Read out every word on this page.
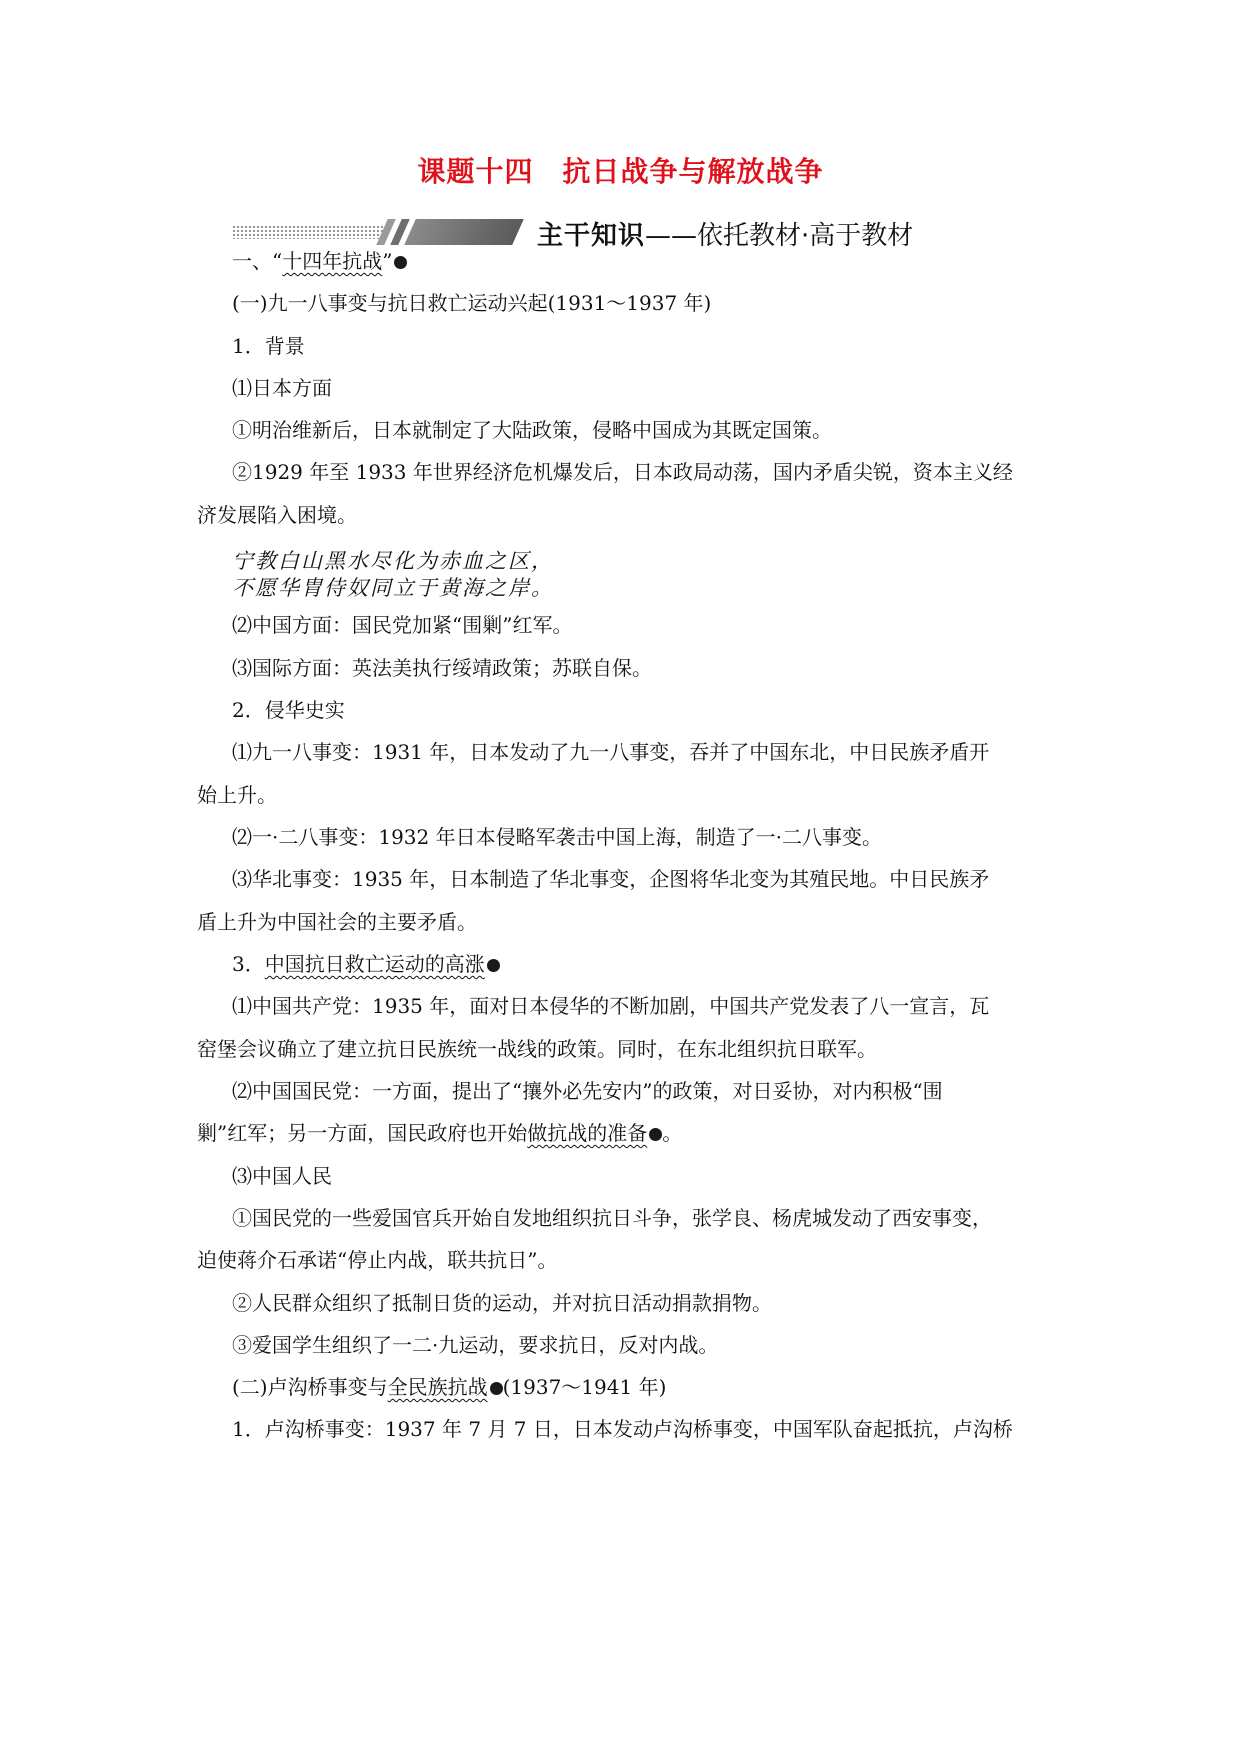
课题十四　抗日战争与解放战争
主干知识——依托教材·高于教材
一、“十四年抗战”
(一)九一八事变与抗日救亡运动兴起(1931～1937 年)
1．背景
⑴日本方面
①明治维新后，日本就制定了大陆政策，侵略中国成为其既定国策。
②1929 年至 1933 年世界经济危机爆发后，日本政局动荡，国内矛盾尖锐，资本主义经
济发展陷入困境。
宁教白山黑水尽化为赤血之区，
不愿华胄侍奴同立于黄海之岸。
⑵中国方面：国民党加紧“围剿”红军。
⑶国际方面：英法美执行绥靖政策；苏联自保。
2．侵华史实
⑴九一八事变：1931 年，日本发动了九一八事变，吞并了中国东北，中日民族矛盾开
始上升。
⑵一·二八事变：1932 年日本侵略军袭击中国上海，制造了一·二八事变。
⑶华北事变：1935 年，日本制造了华北事变，企图将华北变为其殖民地。中日民族矛
盾上升为中国社会的主要矛盾。
3．中国抗日救亡运动的高涨
⑴中国共产党：1935 年，面对日本侵华的不断加剧，中国共产党发表了八一宣言，瓦
窑堡会议确立了建立抗日民族统一战线的政策。同时，在东北组织抗日联军。
⑵中国国民党：一方面，提出了“攘外必先安内”的政策，对日妥协，对内积极“围
剿”红军；另一方面，国民政府也开始做抗战的准备 。
⑶中国人民
①国民党的一些爱国官兵开始自发地组织抗日斗争，张学良、杨虎城发动了西安事变，
迫使蒋介石承诺“停止内战，联共抗日”。
②人民群众组织了抵制日货的运动，并对抗日活动捐款捐物。
③爱国学生组织了一二·九运动，要求抗日，反对内战。
(二)卢沟桥事变与全民族抗战 (1937～1941 年)
1．卢沟桥事变：1937 年 7 月 7 日，日本发动卢沟桥事变，中国军队奋起抵抗，卢沟桥
